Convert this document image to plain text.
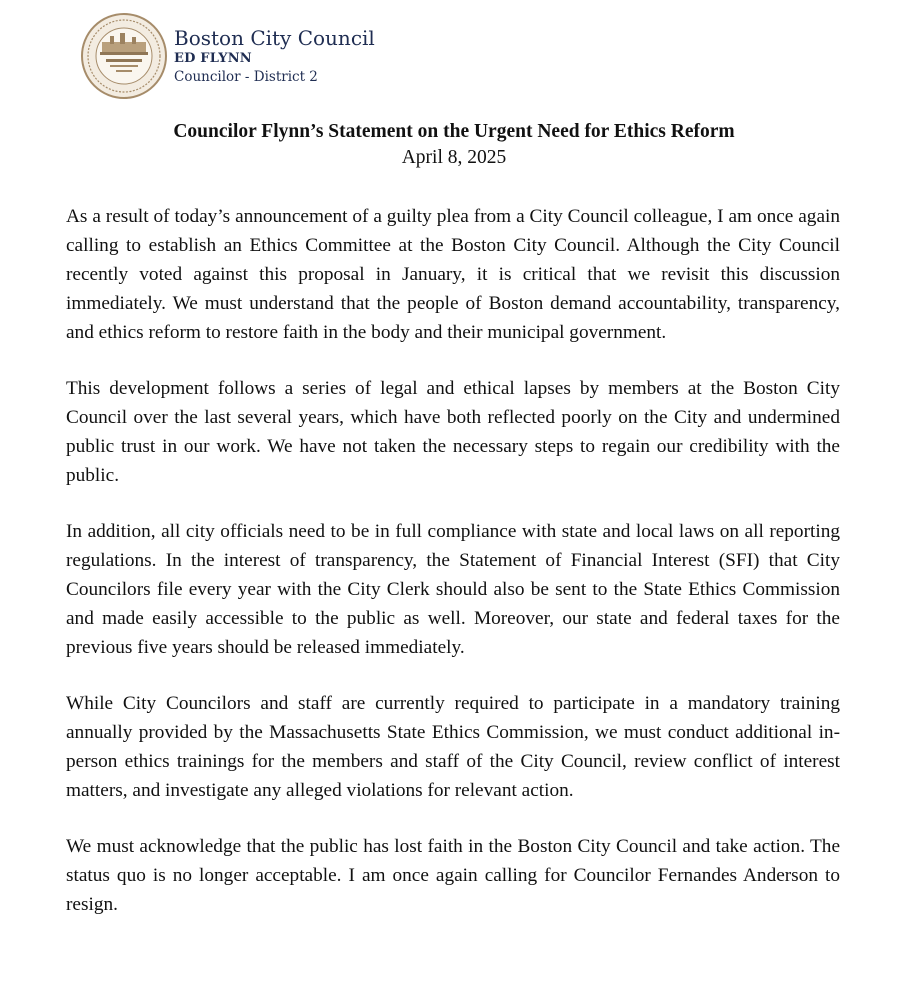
Boston City Council
ED FLYNN
Councilor - District 2
Councilor Flynn’s Statement on the Urgent Need for Ethics Reform
April 8, 2025

As a result of today’s announcement of a guilty plea from a City Council colleague, I am once again calling to establish an Ethics Committee at the Boston City Council. Although the City Council recently voted against this proposal in January, it is critical that we revisit this discussion immediately. We must understand that the people of Boston demand accountability, transparency, and ethics reform to restore faith in the body and their municipal government.

This development follows a series of legal and ethical lapses by members at the Boston City Council over the last several years, which have both reflected poorly on the City and undermined public trust in our work. We have not taken the necessary steps to regain our credibility with the public.

In addition, all city officials need to be in full compliance with state and local laws on all reporting regulations. In the interest of transparency, the Statement of Financial Interest (SFI) that City Councilors file every year with the City Clerk should also be sent to the State Ethics Commission and made easily accessible to the public as well. Moreover, our state and federal taxes for the previous five years should be released immediately.

While City Councilors and staff are currently required to participate in a mandatory training annually provided by the Massachusetts State Ethics Commission, we must conduct additional in-person ethics trainings for the members and staff of the City Council, review conflict of interest matters, and investigate any alleged violations for relevant action.

We must acknowledge that the public has lost faith in the Boston City Council and take action. The status quo is no longer acceptable. I am once again calling for Councilor Fernandes Anderson to resign.
